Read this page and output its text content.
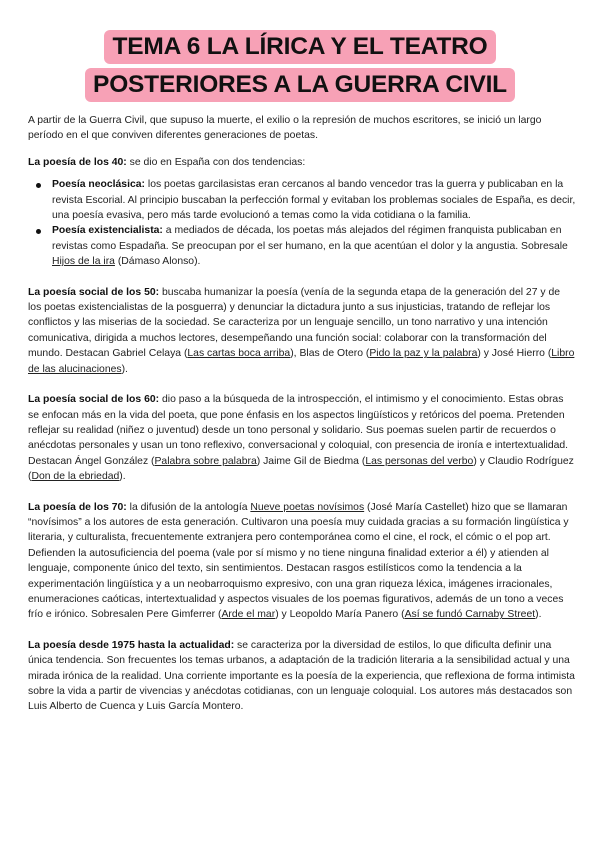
TEMA 6 LA LÍRICA Y EL TEATRO
POSTERIORES A LA GUERRA CIVIL

A partir de la Guerra Civil, que supuso la muerte, el exilio o la represión de muchos escritores, se inició un largo período en el que conviven diferentes generaciones de poetas.

La poesía de los 40: se dio en España con dos tendencias:

Poesía neoclásica: los poetas garcilasistas eran cercanos al bando vencedor tras la guerra y publicaban en la revista Escorial. Al principio buscaban la perfección formal y evitaban los problemas sociales de España, es decir, una poesía evasiva, pero más tarde evolucionó a temas como la vida cotidiana o la familia.
Poesía existencialista: a mediados de década, los poetas más alejados del régimen franquista publicaban en revistas como Espadaña. Se preocupan por el ser humano, en la que acentúan el dolor y la angustia. Sobresale Hijos de la ira (Dámaso Alonso).

La poesía social de los 50: buscaba humanizar la poesía (venía de la segunda etapa de la generación del 27 y de los poetas existencialistas de la posguerra) y denunciar la dictadura junto a sus injusticias, tratando de reflejar los conflictos y las miserias de la sociedad. Se caracteriza por un lenguaje sencillo, un tono narrativo y una intención comunicativa, dirigida a muchos lectores, desempeñando una función social: colaborar con la transformación del mundo. Destacan Gabriel Celaya (Las cartas boca arriba), Blas de Otero (Pido la paz y la palabra) y José Hierro (Libro de las alucinaciones).

La poesía social de los 60: dio paso a la búsqueda de la introspección, el intimismo y el conocimiento. Estas obras se enfocan más en la vida del poeta, que pone énfasis en los aspectos lingüísticos y retóricos del poema. Pretenden reflejar su realidad (niñez o juventud) desde un tono personal y solidario. Sus poemas suelen partir de recuerdos o anécdotas personales y usan un tono reflexivo, conversacional y coloquial, con presencia de ironía e intertextualidad. Destacan Ángel González (Palabra sobre palabra) Jaime Gil de Biedma (Las personas del verbo) y Claudio Rodríguez (Don de la ebriedad).

La poesía de los 70: la difusión de la antología Nueve poetas novísimos (José María Castellet) hizo que se llamaran “novísimos” a los autores de esta generación. Cultivaron una poesía muy cuidada gracias a su formación lingüística y literaria, y culturalista, frecuentemente extranjera pero contemporánea como el cine, el rock, el cómic o el pop art. Defienden la autosuficiencia del poema (vale por sí mismo y no tiene ninguna finalidad exterior a él) y atienden al lenguaje, componente único del texto, sin sentimientos. Destacan rasgos estilísticos como la tendencia a la experimentación lingüística y a un neobarroquismo expresivo, con una gran riqueza léxica, imágenes irracionales, enumeraciones caóticas, intertextualidad y aspectos visuales de los poemas figurativos, además de un tono a veces frío e irónico. Sobresalen Pere Gimferrer (Arde el mar) y Leopoldo María Panero (Así se fundó Carnaby Street).

La poesía desde 1975 hasta la actualidad: se caracteriza por la diversidad de estilos, lo que dificulta definir una única tendencia. Son frecuentes los temas urbanos, a adaptación de la tradición literaria a la sensibilidad actual y una mirada irónica de la realidad. Una corriente importante es la poesía de la experiencia, que reflexiona de forma intimista sobre la vida a partir de vivencias y anécdotas cotidianas, con un lenguaje coloquial. Los autores más destacados son Luis Alberto de Cuenca y Luis García Montero.
